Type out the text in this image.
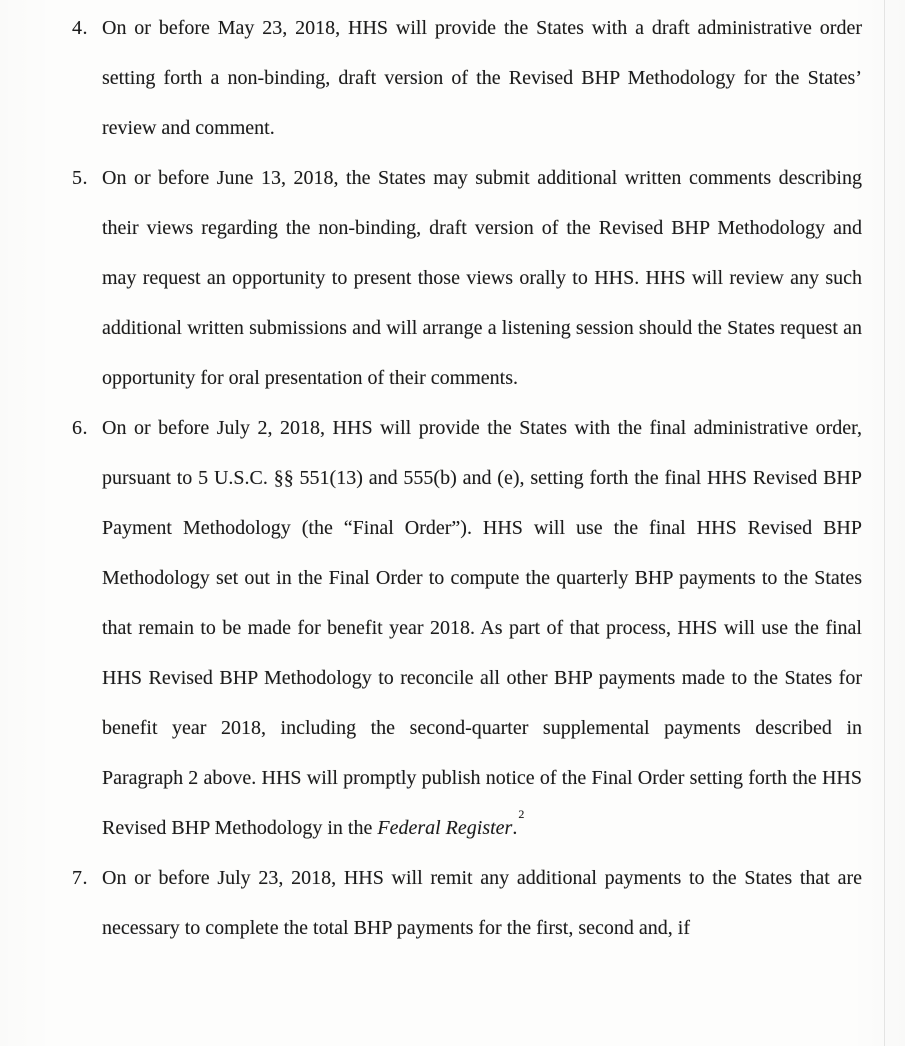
4. On or before May 23, 2018, HHS will provide the States with a draft administrative order setting forth a non-binding, draft version of the Revised BHP Methodology for the States’ review and comment.
5. On or before June 13, 2018, the States may submit additional written comments describing their views regarding the non-binding, draft version of the Revised BHP Methodology and may request an opportunity to present those views orally to HHS. HHS will review any such additional written submissions and will arrange a listening session should the States request an opportunity for oral presentation of their comments.
6. On or before July 2, 2018, HHS will provide the States with the final administrative order, pursuant to 5 U.S.C. §§ 551(13) and 555(b) and (e), setting forth the final HHS Revised BHP Payment Methodology (the “Final Order”). HHS will use the final HHS Revised BHP Methodology set out in the Final Order to compute the quarterly BHP payments to the States that remain to be made for benefit year 2018. As part of that process, HHS will use the final HHS Revised BHP Methodology to reconcile all other BHP payments made to the States for benefit year 2018, including the second-quarter supplemental payments described in Paragraph 2 above. HHS will promptly publish notice of the Final Order setting forth the HHS Revised BHP Methodology in the Federal Register.$^2$
7. On or before July 23, 2018, HHS will remit any additional payments to the States that are necessary to complete the total BHP payments for the first, second and, if
